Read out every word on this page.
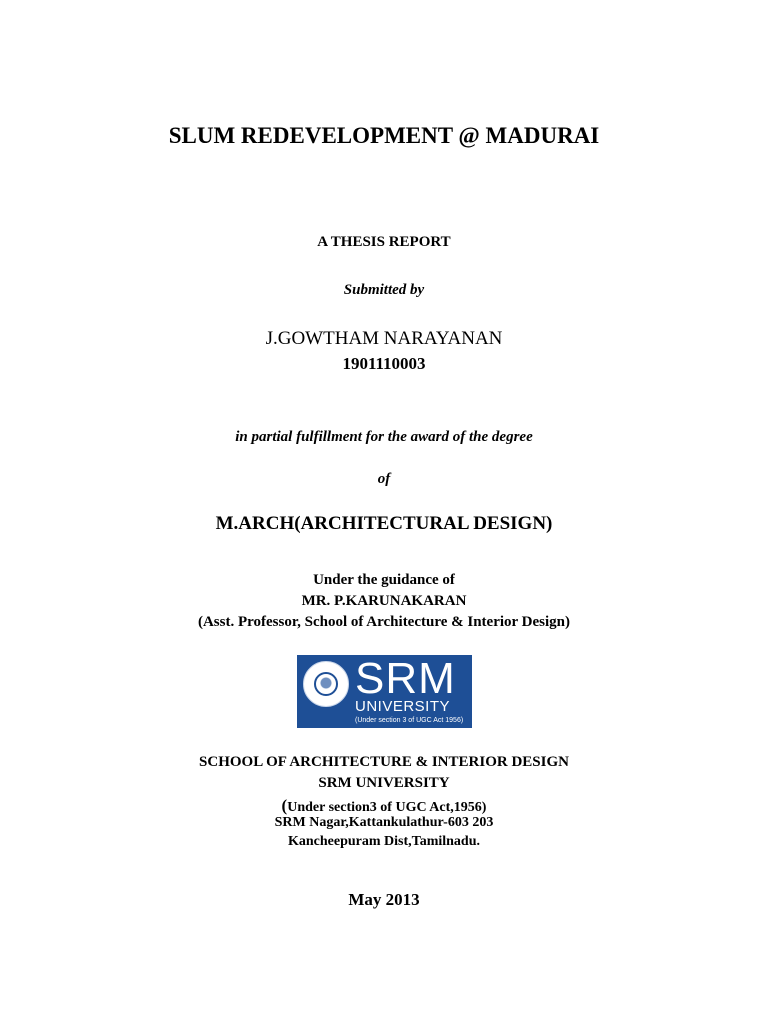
SLUM REDEVELOPMENT @ MADURAI
A THESIS REPORT
Submitted by
J.GOWTHAM NARAYANAN
1901110003
in partial fulfillment for the award of the degree
of
M.ARCH(ARCHITECTURAL DESIGN)
Under the guidance of
MR. P.KARUNAKARAN
(Asst. Professor, School of Architecture & Interior Design)
SRM
UNIVERSITY
(Under section 3 of UGC Act 1956)
SCHOOL OF ARCHITECTURE & INTERIOR DESIGN
SRM UNIVERSITY
(Under section3 of UGC Act,1956)
SRM Nagar,Kattankulathur-603 203
Kancheepuram Dist,Tamilnadu.
May 2013
